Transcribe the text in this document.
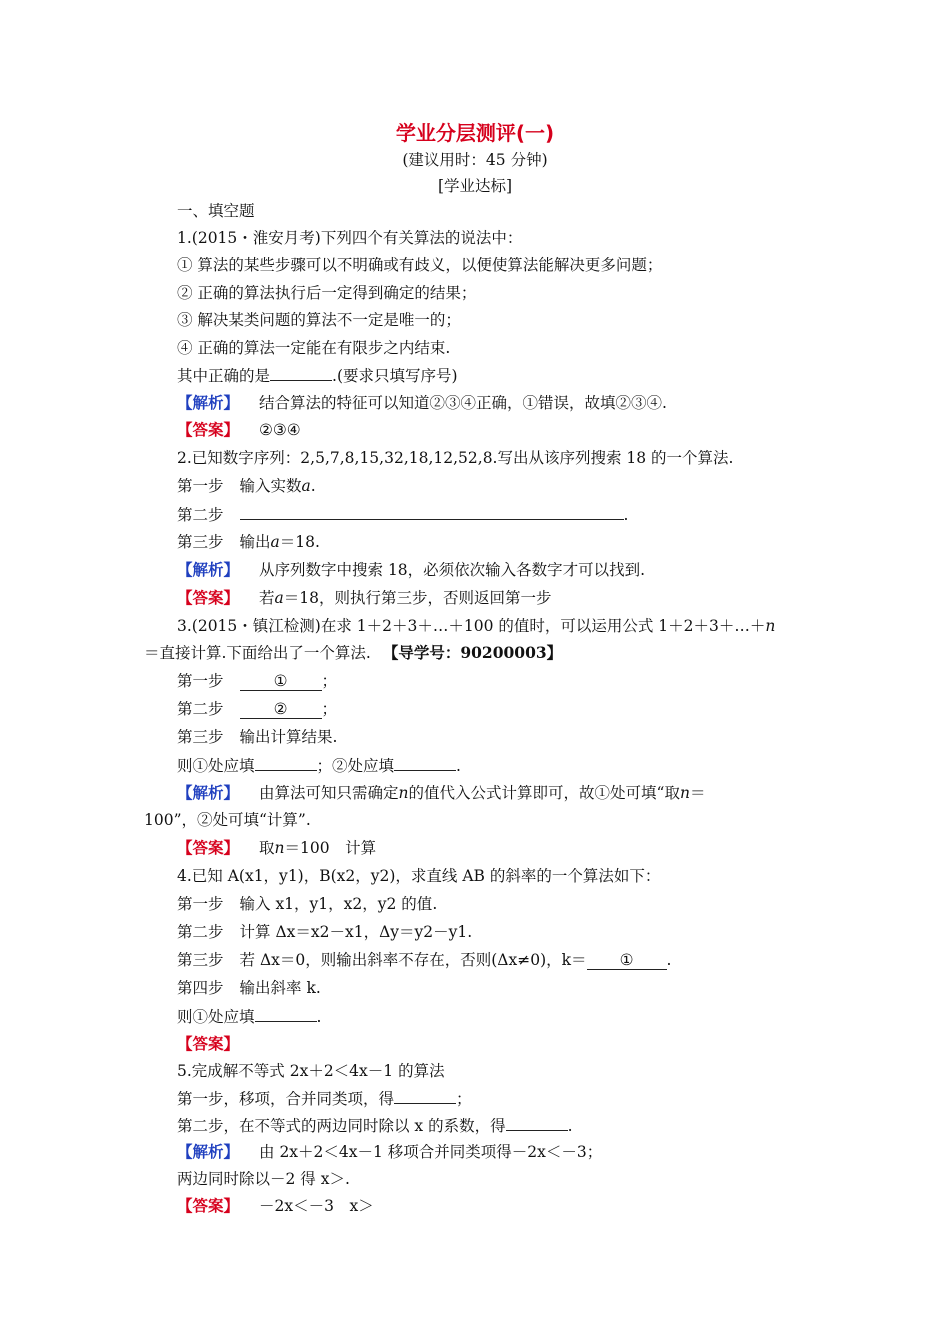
学业分层测评(一)
(建议用时：45 分钟)
[学业达标]
一、填空题
1.(2015・淮安月考)下列四个有关算法的说法中：
① 算法的某些步骤可以不明确或有歧义，以便使算法能解决更多问题；
② 正确的算法执行后一定得到确定的结果；
③ 解决某类问题的算法不一定是唯一的；
④ 正确的算法一定能在有限步之内结束.
其中正确的是	.(要求只填写序号)
【解析】 结合算法的特征可以知道②③④正确，①错误，故填②③④.
【答案】 ②③④
2.已知数字序列：2,5,7,8,15,32,18,12,52,8.写出从该序列搜索 18 的一个算法.
第一步 输入实数a.
第二步	.
第三步 输出a＝18.
【解析】 从序列数字中搜索 18，必须依次输入各数字才可以找到.
【答案】 若a＝18，则执行第三步，否则返回第一步
3.(2015・镇江检测)在求 1＋2＋3＋…＋100 的值时，可以运用公式 1＋2＋3＋…＋n
＝直接计算.下面给出了一个算法. 【导学号：90200003】
第一步	① ；
第二步	② ；
第三步 输出计算结果.
则①处应填	；②处应填	.
【解析】 由算法可知只需确定n的值代入公式计算即可，故①处可填“取n＝
100”，②处可填“计算”.
【答案】 取n＝100　计算
4.已知 A(x1，y1)，B(x2，y2)，求直线 AB 的斜率的一个算法如下：
第一步 输入 x1，y1，x2，y2 的值.
第二步 计算 Δx＝x2－x1，Δy＝y2－y1.
第三步 若 Δx＝0，则输出斜率不存在，否则(Δx≠0)，k＝ ① .
第四步 输出斜率 k.
则①处应填	.
【答案】
5.完成解不等式 2x＋2＜4x－1 的算法
第一步，移项，合并同类项，得	；
第二步，在不等式的两边同时除以 x 的系数，得	.
【解析】 由 2x＋2＜4x－1 移项合并同类项得－2x＜－3；
两边同时除以－2 得 x＞.
【答案】 －2x＜－3　x＞
